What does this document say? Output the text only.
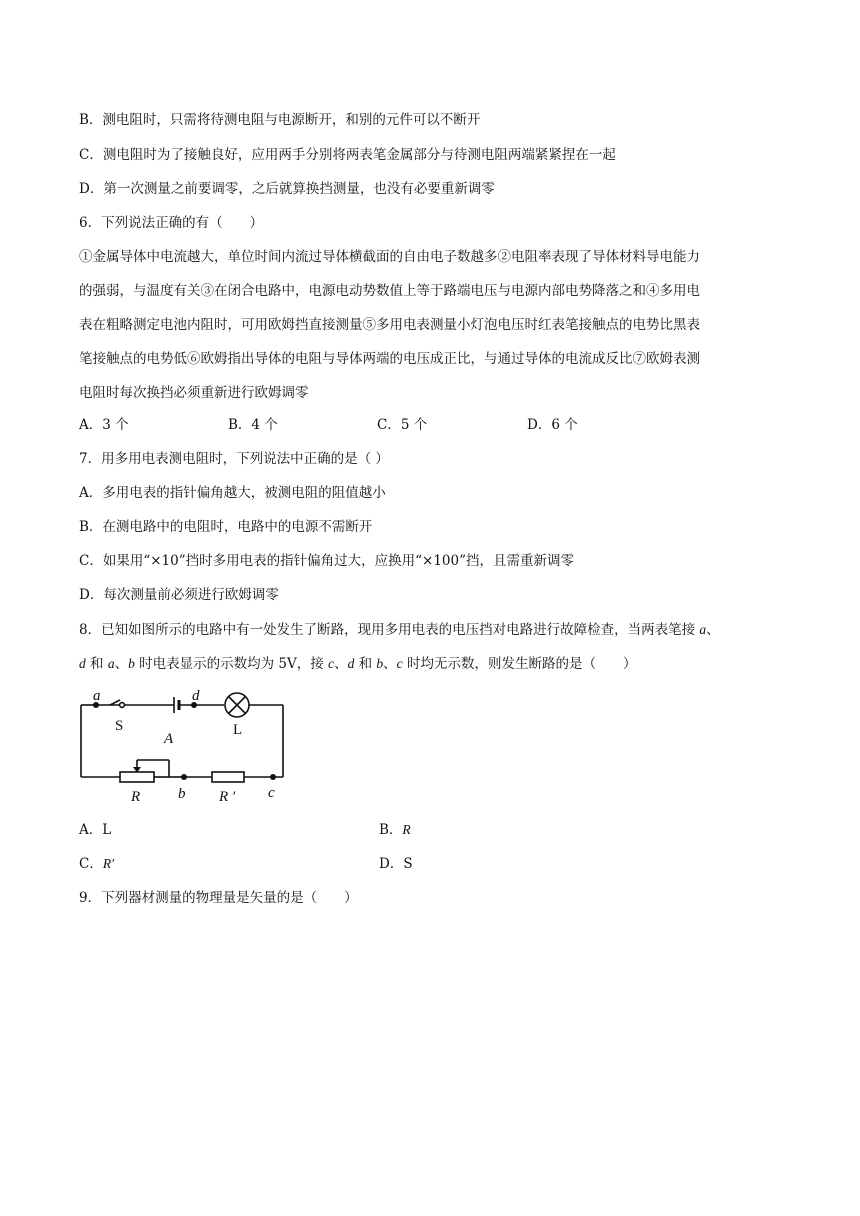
B．测电阻时，只需将待测电阻与电源断开，和别的元件可以不断开
C．测电阻时为了接触良好，应用两手分别将两表笔金属部分与待测电阻两端紧紧捏在一起
D．第一次测量之前要调零，之后就算换挡测量，也没有必要重新调零
6．下列说法正确的有（　　）
①金属导体中电流越大，单位时间内流过导体横截面的自由电子数越多②电阻率表现了导体材料导电能力
的强弱，与温度有关③在闭合电路中，电源电动势数值上等于路端电压与电源内部电势降落之和④多用电
表在粗略测定电池内阻时，可用欧姆挡直接测量⑤多用电表测量小灯泡电压时红表笔接触点的电势比黑表
笔接触点的电势低⑥欧姆指出导体的电阻与导体两端的电压成正比，与通过导体的电流成反比⑦欧姆表测
电阻时每次换挡必须重新进行欧姆调零
A．3 个	B．4 个	C．5 个	D．6 个
7．用多用电表测电阻时，下列说法中正确的是（ ）
A．多用电表的指针偏角越大，被测电阻的阻值越小
B．在测电路中的电阻时，电路中的电源不需断开
C．如果用“×10”挡时多用电表的指针偏角过大，应换用“×100”挡，且需重新调零
D．每次测量前必须进行欧姆调零
8．已知如图所示的电路中有一处发生了断路，现用多用电表的电压挡对电路进行故障检查，当两表笔接 a、
d 和 a、b 时电表显示的示数均为 5V，接 c、d 和 b、c 时均无示数，则发生断路的是（　　）
a	d
S	L
A
R	b R ′ c
A．L	B．R
C．R′	D．S
9．下列器材测量的物理量是矢量的是（　　）
